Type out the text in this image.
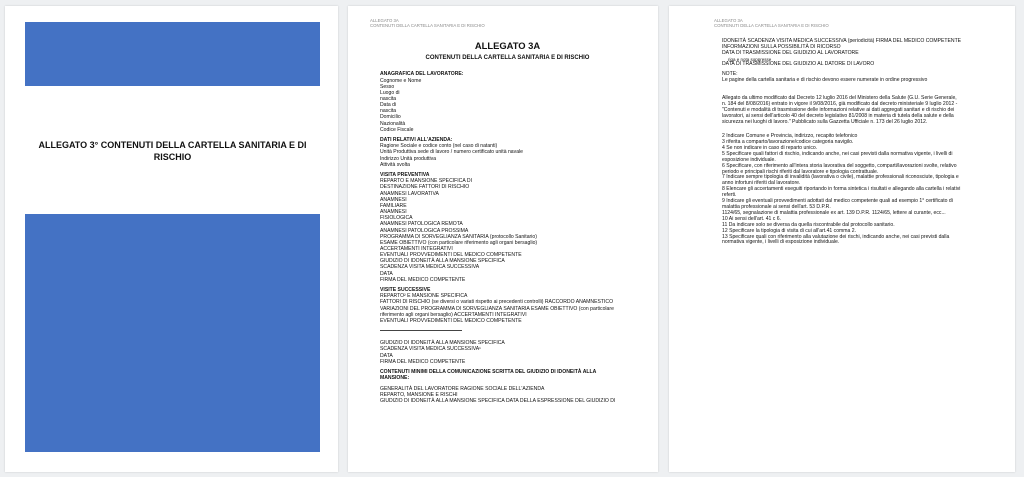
ALLEGATO 3° CONTENUTI DELLA CARTELLA SANITARIA E DI RISCHIO
ALLEGATO 3A
CONTENUTI DELLA CARTELLA SANITARIA E DI RISCHIO
ALLEGATO 3A
CONTENUTI DELLA CARTELLA SANITARIA E DI RISCHIO
ANAGRAFICA DEL LAVORATORE:
Cognome e Nome
Sesso
Luogo di
nascita
Data di
nascita
Domicilio
Nazionalità
Codice Fiscale
DATI RELATIVI ALL'AZIENDA:
Ragione Sociale e codice conto (nel caso di natanti)
Unità Produttiva sede di lavoro / numero certificato unità navale
Indirizzo Unità produttiva
Attività svolta
VISITA PREVENTIVA
REPARTO E MANSIONE SPECIFICA DI
DESTINAZIONE FATTORI DI RISCHIO
ANAMNESI LAVORATIVA
ANAMNESI
FAMILIARE
ANAMNESI
FISIOLOGICA
ANAMNESI PATOLOGICA REMOTA
ANAMNESI PATOLOGICA PROSSIMA
PROGRAMMA DI SORVEGLIANZA SANITARIA (protocollo Sanitario)
ESAME OBIETTIVO (con particolare riferimento agli organi bersaglio)
ACCERTAMENTI INTEGRATIVI
EVENTUALI PROVVEDIMENTI DEL MEDICO COMPETENTE
GIUDIZIO DI IDONEITÀ ALLA MANSIONE SPECIFICA
SCADENZA VISITA MEDICA SUCCESSIVA
DATA
FIRMA DEL MEDICO COMPETENTE
VISITE SUCCESSIVE
REPARTO² E MANSIONE SPECIFICA
FATTORI DI RISCHIO (se diversi o variati rispetto ai precedenti controlli) RACCORDO ANAMNESTICO
VARIAZIONI DEL PROGRAMMA DI SORVEGLIANZA SANITARIA ESAME OBIETTIVO (con particolare
riferimento agli organi bersaglio) ACCERTAMENTI INTEGRATIVI
EVENTUALI PROVVEDIMENTI DEL MEDICO COMPETENTE
GIUDIZIO DI IDONEITÀ ALLA MANSIONE SPECIFICA
SCADENZA VISITA MEDICA SUCCESSIVA¹
DATA
FIRMA DEL MEDICO COMPETENTE
CONTENUTI MINIMI DELLA COMUNICAZIONE SCRITTA DEL GIUDIZIO DI IDONEITÀ ALLA
MANSIONE:
GENERALITÀ DEL LAVORATORE RAGIONE SOCIALE DELL'AZIENDA
REPARTO, MANSIONE E RISCHI
GIUDIZIO DI IDONEITÀ ALLA MANSIONE SPECIFICA DATA DELLA ESPRESSIONE DEL GIUDIZIO DI
ALLEGATO 3A
CONTENUTI DELLA CARTELLA SANITARIA E DI RISCHIO
IDONEITÀ SCADENZA VISITA MEDICA SUCCESSIVA (periodicità) FIRMA DEL MEDICO COMPETENTE
INFORMAZIONI SULLA POSSIBILITÀ DI RICORSO
DATA DI TRASMISSIONE DEL GIUDIZIO AL LAVORATORE
riga e nota soppresse
DATA DI TRASMISSIONE DEL GIUDIZIO AL DATORE DI LAVORO
NOTE:
Le pagine della cartella sanitaria e di rischio devono essere numerate in ordine progressivo
Allegato da ultimo modificato dal Decreto 12 luglio 2016 del Ministero della Salute (G.U. Serie Generale, n. 184 del 8/08/2016) entrato in vigore il 9/08/2016, già modificato dal decreto ministeriale 9 luglio 2012 - "Contenuti e modalità di trasmissione delle informazioni relative ai dati aggregati sanitari e di rischio dei lavoratori, ai sensi dell'articolo 40 del decreto legislativo 81/2008 in materia di tutela della salute e della sicurezza nei luoghi di lavoro." Pubblicato sulla Gazzetta Ufficiale n. 173 del 26 luglio 2012.
2 Indicare Comune e Provincia, indirizzo, recapito telefonico
3 riferita a comparto/lavorazione/codice categoria navigilo.
4 Se non indicare in caso di reparto unico.
5 Specificare quali fattori di rischio, indicando anche, nei casi previsti dalla normativa vigente, i livelli di esposizione individuale.
6 Specificare, con riferimento all'intera storia lavorativa del soggetto, comparti/lavorazioni svolte, relativo periodo e principali rischi riferiti dal lavoratore e tipologia contrattuale.
7 Indicare sempre tipologia di invalidità (lavorativa o civile), malattie professionali riconosciute, tipologia e anno infortuni riferiti dal lavoratore.
8 Elencare gli accertamenti eseguiti riportando in forma sintetica i risultati e allegando alla cartella i relativi referti.
9 Indicare gli eventuali provvedimenti adottati dal medico competente quali ad esempio 1° certificato di malattia professionale ai sensi dell'art. 53 D.P.R.
1124/65, segnalazione di malattia professionale ex art. 139 D.P.R. 1124/65, lettere al curante, ecc...
10 Ai sensi dell'art. 41 c 6.
11 Da indicare solo se diversa da quella riscontrabile dal protocollo sanitario.
12 Specificare la tipologia di visita di cui all'art.41 comma 2.
13 Specificare quali con riferimento alla valutazione dei rischi, indicando anche, nei casi previsti dalla normativa vigente, i livelli di esposizione individuale.
